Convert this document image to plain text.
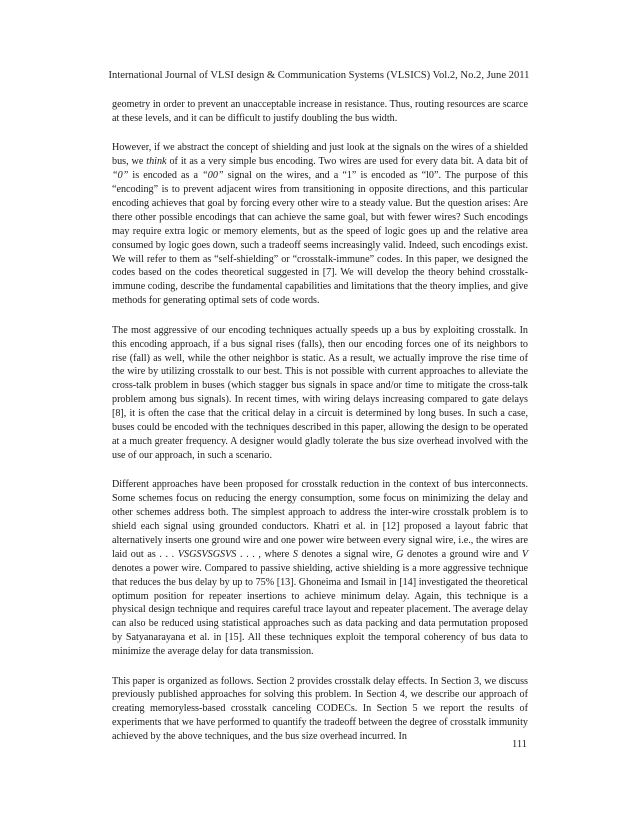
International Journal of VLSI design & Communication Systems (VLSICS) Vol.2, No.2, June 2011

geometry in order to prevent an unacceptable increase in resistance. Thus, routing resources are scarce at these levels, and it can be difficult to justify doubling the bus width.

However, if we abstract the concept of shielding and just look at the signals on the wires of a shielded bus, we think of it as a very simple bus encoding. Two wires are used for every data bit. A data bit of “0” is encoded as a “00” signal on the wires, and a “1” is encoded as “l0”. The purpose of this “encoding” is to prevent adjacent wires from transitioning in opposite directions, and this particular encoding achieves that goal by forcing every other wire to a steady value. But the question arises: Are there other possible encodings that can achieve the same goal, but with fewer wires? Such encodings may require extra logic or memory elements, but as the speed of logic goes up and the relative area consumed by logic goes down, such a tradeoff seems increasingly valid. Indeed, such encodings exist. We will refer to them as “self-shielding” or “crosstalk-immune” codes. In this paper, we designed the codes based on the codes theoretical suggested in [7]. We will develop the theory behind crosstalk-immune coding, describe the fundamental capabilities and limitations that the theory implies, and give methods for generating optimal sets of code words.

The most aggressive of our encoding techniques actually speeds up a bus by exploiting crosstalk. In this encoding approach, if a bus signal rises (falls), then our encoding forces one of its neighbors to rise (fall) as well, while the other neighbor is static. As a result, we actually improve the rise time of the wire by utilizing crosstalk to our best. This is not possible with current approaches to alleviate the cross-talk problem in buses (which stagger bus signals in space and/or time to mitigate the cross-talk problem among bus signals). In recent times, with wiring delays increasing compared to gate delays [8], it is often the case that the critical delay in a circuit is determined by long buses. In such a case, buses could be encoded with the techniques described in this paper, allowing the design to be operated at a much greater frequency. A designer would gladly tolerate the bus size overhead involved with the use of our approach, in such a scenario.

Different approaches have been proposed for crosstalk reduction in the context of bus interconnects. Some schemes focus on reducing the energy consumption, some focus on minimizing the delay and other schemes address both. The simplest approach to address the inter-wire crosstalk problem is to shield each signal using grounded conductors. Khatri et al. in [12] proposed a layout fabric that alternatively inserts one ground wire and one power wire between every signal wire, i.e., the wires are laid out as . . . VSGSVSGSVS . . . , where S denotes a signal wire, G denotes a ground wire and V denotes a power wire. Compared to passive shielding, active shielding is a more aggressive technique that reduces the bus delay by up to 75% [13]. Ghoneima and Ismail in [14] investigated the theoretical optimum position for repeater insertions to achieve minimum delay. Again, this technique is a physical design technique and requires careful trace layout and repeater placement. The average delay can also be reduced using statistical approaches such as data packing and data permutation proposed by Satyanarayana et al. in [15]. All these techniques exploit the temporal coherency of bus data to minimize the average delay for data transmission.

This paper is organized as follows. Section 2 provides crosstalk delay effects. In Section 3, we discuss previously published approaches for solving this problem. In Section 4, we describe our approach of creating memoryless-based crosstalk canceling CODECs. In Section 5 we report the results of experiments that we have performed to quantify the tradeoff between the degree of crosstalk immunity achieved by the above techniques, and the bus size overhead incurred. In

111
